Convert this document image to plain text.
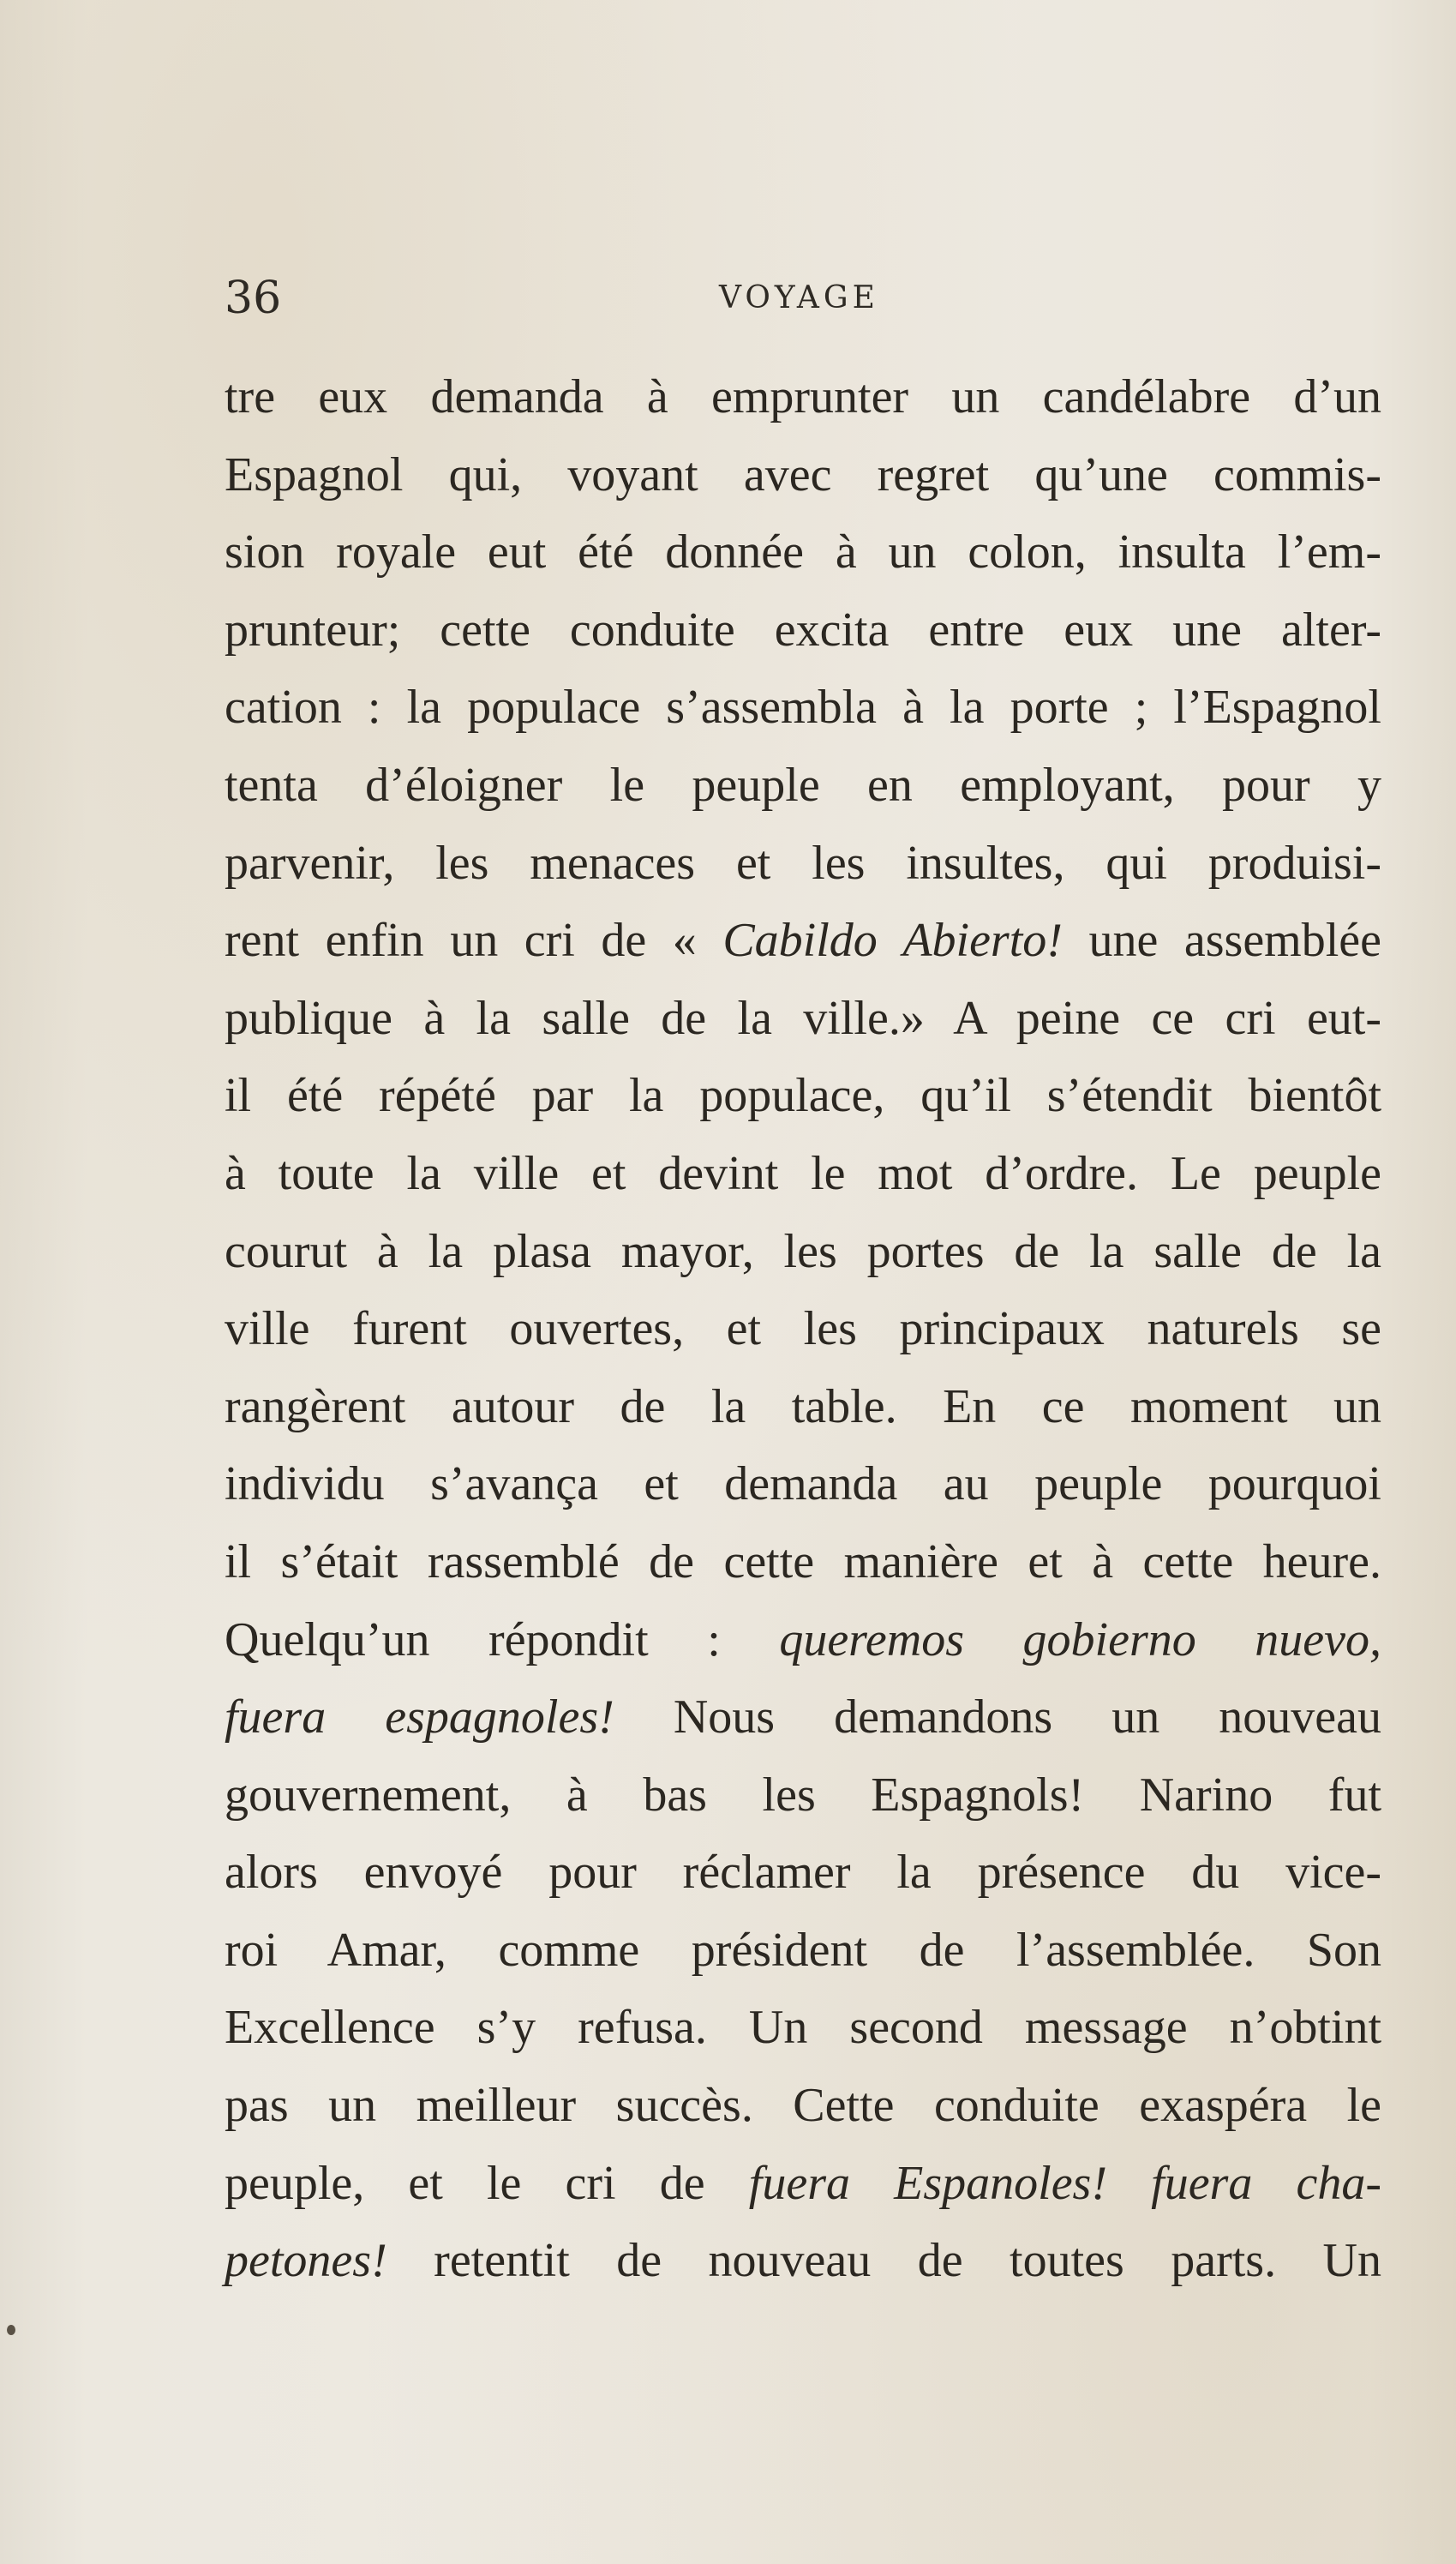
36	VOYAGE
tre eux demanda à emprunter un candélabre d’un
Espagnol qui, voyant avec regret qu’une commis-
sion royale eut été donnée à un colon, insulta l’em-
prunteur; cette conduite excita entre eux une alter-
cation : la populace s’assembla à la porte ; l’Espagnol
tenta d’éloigner le peuple en employant, pour y
parvenir, les menaces et les insultes, qui produisi-
rent enfin un cri de « Cabildo Abierto! une assemblée
publique à la salle de la ville.» A peine ce cri eut-
il été répété par la populace, qu’il s’étendit bientôt
à toute la ville et devint le mot d’ordre. Le peuple
courut à la plasa mayor, les portes de la salle de la
ville furent ouvertes, et les principaux naturels se
rangèrent autour de la table. En ce moment un
individu s’avança et demanda au peuple pourquoi
il s’était rassemblé de cette manière et à cette heure.
Quelqu’un répondit : queremos gobierno nuevo,
fuera espagnoles! Nous demandons un nouveau
gouvernement, à bas les Espagnols! Narino fut
alors envoyé pour réclamer la présence du vice-
roi Amar, comme président de l’assemblée. Son
Excellence s’y refusa. Un second message n’obtint
pas un meilleur succès. Cette conduite exaspéra le
peuple, et le cri de fuera Espanoles! fuera cha-
petones! retentit de nouveau de toutes parts. Un
